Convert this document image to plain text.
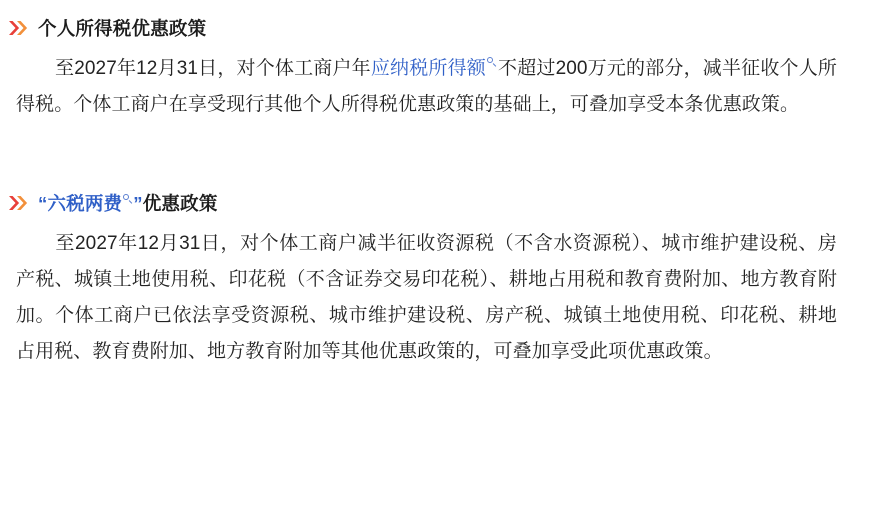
个人所得税优惠政策

至2027年12月31日，对个体工商户年应纳税所得额 不超过200万元的部分，减半征收个人所得税。个体工商户在享受现行其他个人所得税优惠政策的基础上，可叠加享受本条优惠政策。

“六税两费 ”优惠政策

至2027年12月31日，对个体工商户减半征收资源税（不含水资源税）、城市维护建设税、房产税、城镇土地使用税、印花税（不含证券交易印花税）、耕地占用税和教育费附加、地方教育附加。个体工商户已依法享受资源税、城市维护建设税、房产税、城镇土地使用税、印花税、耕地占用税、教育费附加、地方教育附加等其他优惠政策的，可叠加享受此项优惠政策。
